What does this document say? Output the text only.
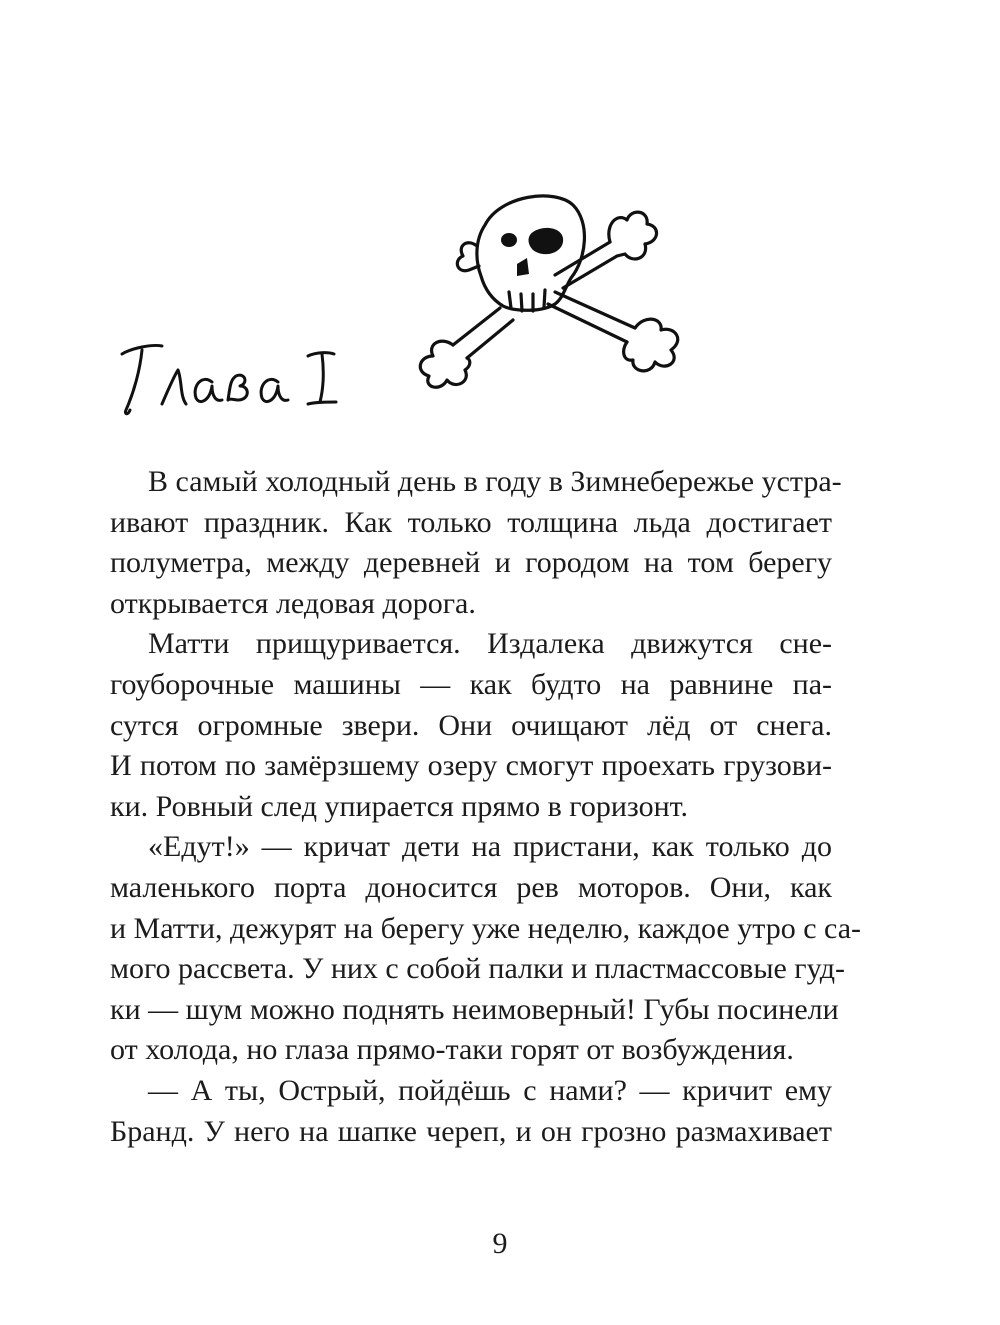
В самый холодный день в году в Зимнебережье устра-
ивают праздник. Как только толщина льда достигает
полуметра, между деревней и городом на том берегу
открывается ледовая дорога.

Матти прищуривается. Издалека движутся сне-
гоуборочные машины — как будто на равнине па-
сутся огромные звери. Они очищают лёд от снега.
И потом по замёрзшему озеру смогут проехать грузови-
ки. Ровный след упирается прямо в горизонт.

«Едут!» — кричат дети на пристани, как только до
маленького порта доносится рев моторов. Они, как
и Матти, дежурят на берегу уже неделю, каждое утро с са-
мого рассвета. У них с собой палки и пластмассовые гуд-
ки — шум можно поднять неимоверный! Губы посинели
от холода, но глаза прямо-таки горят от возбуждения.

— А ты, Острый, пойдёшь с нами? — кричит ему
Бранд. У него на шапке череп, и он грозно размахивает

9
